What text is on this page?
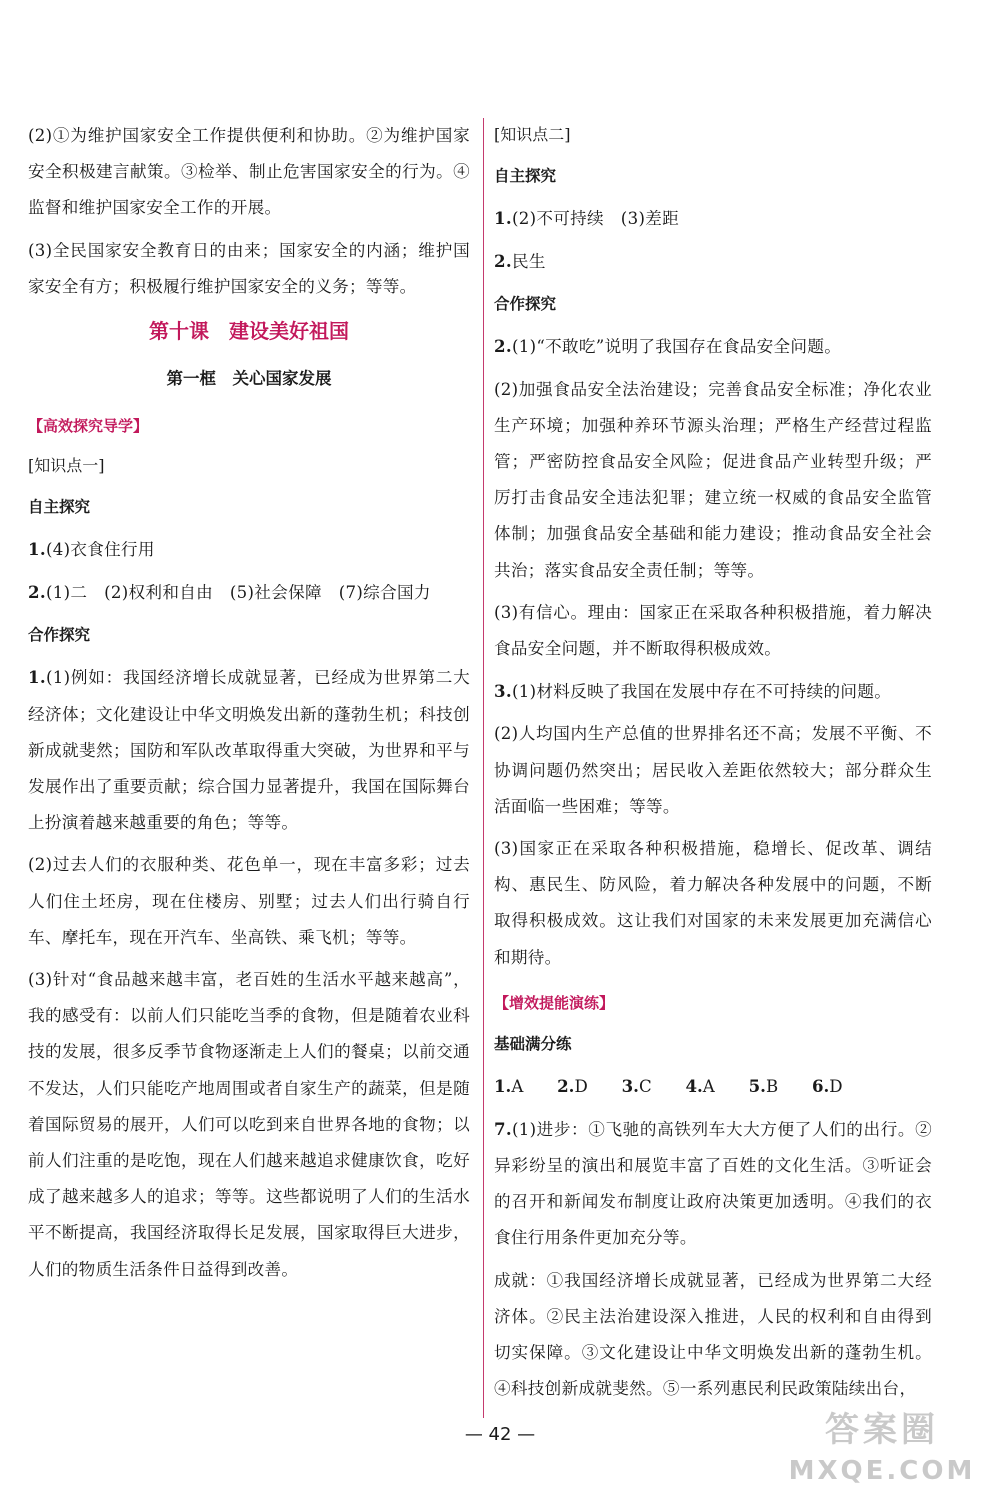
(2)①为维护国家安全工作提供便利和协助。②为维护国家安全积极建言献策。③检举、制止危害国家安全的行为。④监督和维护国家安全工作的开展。

(3)全民国家安全教育日的由来；国家安全的内涵；维护国家安全有方；积极履行维护国家安全的义务；等等。

第十课　建设美好祖国
第一框　关心国家发展
【高效探究导学】
[知识点一]
自主探究

1.(4)衣食住行用

2.(1)二　(2)权利和自由　(5)社会保障　(7)综合国力

合作探究

1.(1)例如：我国经济增长成就显著，已经成为世界第二大经济体；文化建设让中华文明焕发出新的蓬勃生机；科技创新成就斐然；国防和军队改革取得重大突破，为世界和平与发展作出了重要贡献；综合国力显著提升，我国在国际舞台上扮演着越来越重要的角色；等等。

(2)过去人们的衣服种类、花色单一，现在丰富多彩；过去人们住土坯房，现在住楼房、别墅；过去人们出行骑自行车、摩托车，现在开汽车、坐高铁、乘飞机；等等。

(3)针对“食品越来越丰富，老百姓的生活水平越来越高”，我的感受有：以前人们只能吃当季的食物，但是随着农业科技的发展，很多反季节食物逐渐走上人们的餐桌；以前交通不发达，人们只能吃产地周围或者自家生产的蔬菜，但是随着国际贸易的展开，人们可以吃到来自世界各地的食物；以前人们注重的是吃饱，现在人们越来越追求健康饮食，吃好成了越来越多人的追求；等等。这些都说明了人们的生活水平不断提高，我国经济取得长足发展，国家取得巨大进步，人们的物质生活条件日益得到改善。

[知识点二]
自主探究

1.(2)不可持续　(3)差距

2.民生

合作探究

2.(1)“不敢吃”说明了我国存在食品安全问题。

(2)加强食品安全法治建设；完善食品安全标准；净化农业生产环境；加强种养环节源头治理；严格生产经营过程监管；严密防控食品安全风险；促进食品产业转型升级；严厉打击食品安全违法犯罪；建立统一权威的食品安全监管体制；加强食品安全基础和能力建设；推动食品安全社会共治；落实食品安全责任制；等等。

(3)有信心。理由：国家正在采取各种积极措施，着力解决食品安全问题，并不断取得积极成效。

3.(1)材料反映了我国在发展中存在不可持续的问题。

(2)人均国内生产总值的世界排名还不高；发展不平衡、不协调问题仍然突出；居民收入差距依然较大；部分群众生活面临一些困难；等等。

(3)国家正在采取各种积极措施，稳增长、促改革、调结构、惠民生、防风险，着力解决各种发展中的问题，不断取得积极成效。这让我们对国家的未来发展更加充满信心和期待。

【增效提能演练】
基础满分练
1.A 2.D 3.C 4.A 5.B 6.D

7.(1)进步：①飞驰的高铁列车大大方便了人们的出行。②异彩纷呈的演出和展览丰富了百姓的文化生活。③听证会的召开和新闻发布制度让政府决策更加透明。④我们的衣食住行用条件更加充分等。

成就：①我国经济增长成就显著，已经成为世界第二大经济体。②民主法治建设深入推进，人民的权利和自由得到切实保障。③文化建设让中华文明焕发出新的蓬勃生机。④科技创新成就斐然。⑤一系列惠民利民政策陆续出台，

— 42 —	答案圈
MXQE.COM
